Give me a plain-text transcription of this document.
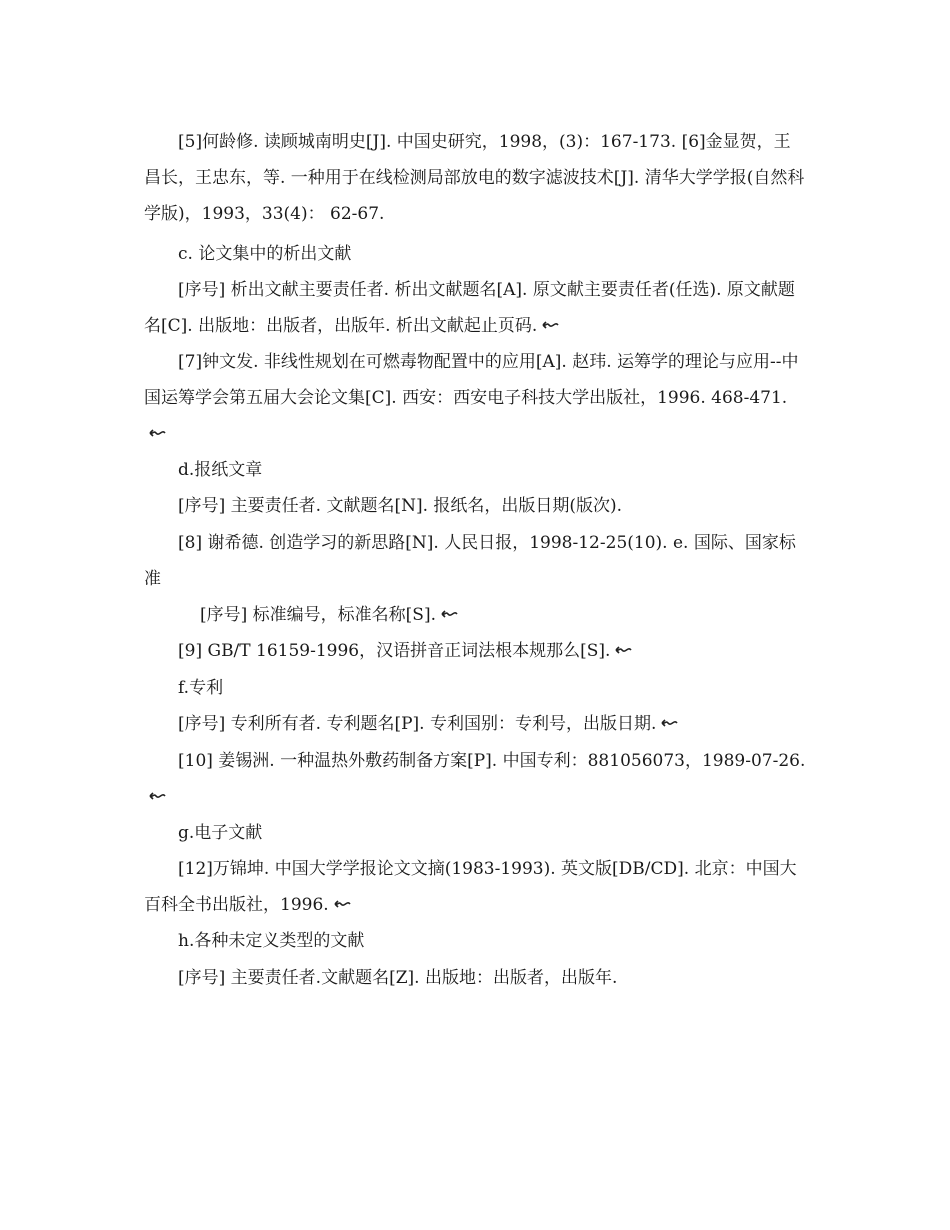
[5]何龄修. 读顾城南明史[J]. 中国史研究，1998，(3)：167-173. [6]金显贺，王昌长，王忠东，等. 一种用于在线检测局部放电的数字滤波技术[J]. 清华大学学报(自然科学版)，1993，33(4)： 62-67.

c. 论文集中的析出文献

[序号] 析出文献主要责任者. 析出文献题名[A]. 原文献主要责任者(任选). 原文献题名[C]. 出版地：出版者，出版年. 析出文献起止页码.

[7]钟文发. 非线性规划在可燃毒物配置中的应用[A]. 赵玮. 运筹学的理论与应用--中国运筹学会第五届大会论文集[C]. 西安：西安电子科技大学出版社，1996. 468-471.

d.报纸文章

[序号] 主要责任者. 文献题名[N]. 报纸名，出版日期(版次).

[8] 谢希德. 创造学习的新思路[N]. 人民日报，1998-12-25(10). e. 国际、国家标准

[序号] 标准编号，标准名称[S].

[9] GB/T 16159-1996，汉语拼音正词法根本规那么[S].

f.专利

[序号] 专利所有者. 专利题名[P]. 专利国别：专利号，出版日期.

[10] 姜锡洲. 一种温热外敷药制备方案[P]. 中国专利：881056073，1989-07-26.

g.电子文献

[12]万锦坤. 中国大学学报论文文摘(1983-1993). 英文版[DB/CD]. 北京：中国大百科全书出版社，1996.

h.各种未定义类型的文献

[序号] 主要责任者.文献题名[Z]. 出版地：出版者，出版年.
